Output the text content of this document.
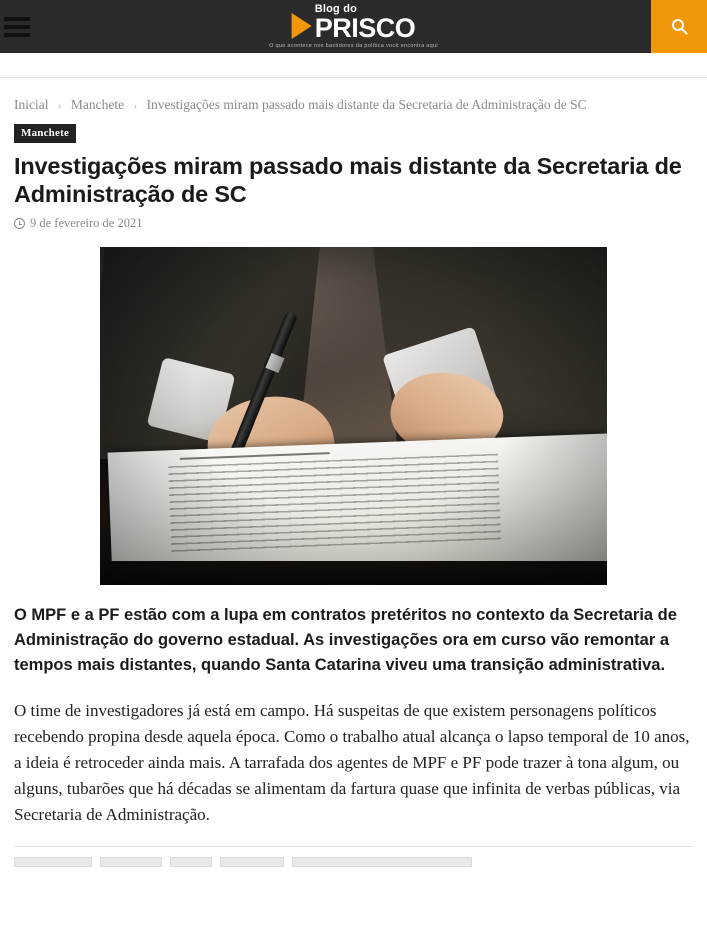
Blog do
PRISCO
O que acontece nos bastidores da política você encontra aqui
Inicial › Manchete › Investigações miram passado mais distante da Secretaria de Administração de SC
Manchete
Investigações miram passado mais distante da Secretaria de Administração de SC
9 de fevereiro de 2021

O MPF e a PF estão com a lupa em contratos pretéritos no contexto da Secretaria de Administração do governo estadual. As investigações ora em curso vão remontar a tempos mais distantes, quando Santa Catarina viveu uma transição administrativa.

O time de investigadores já está em campo. Há suspeitas de que existem personagens políticos recebendo propina desde aquela época. Como o trabalho atual alcança o lapso temporal de 10 anos, a ideia é retroceder ainda mais. A tarrafada dos agentes de MPF e PF pode trazer à tona algum, ou alguns, tubarões que há décadas se alimentam da fartura quase que infinita de verbas públicas, via Secretaria de Administração.
